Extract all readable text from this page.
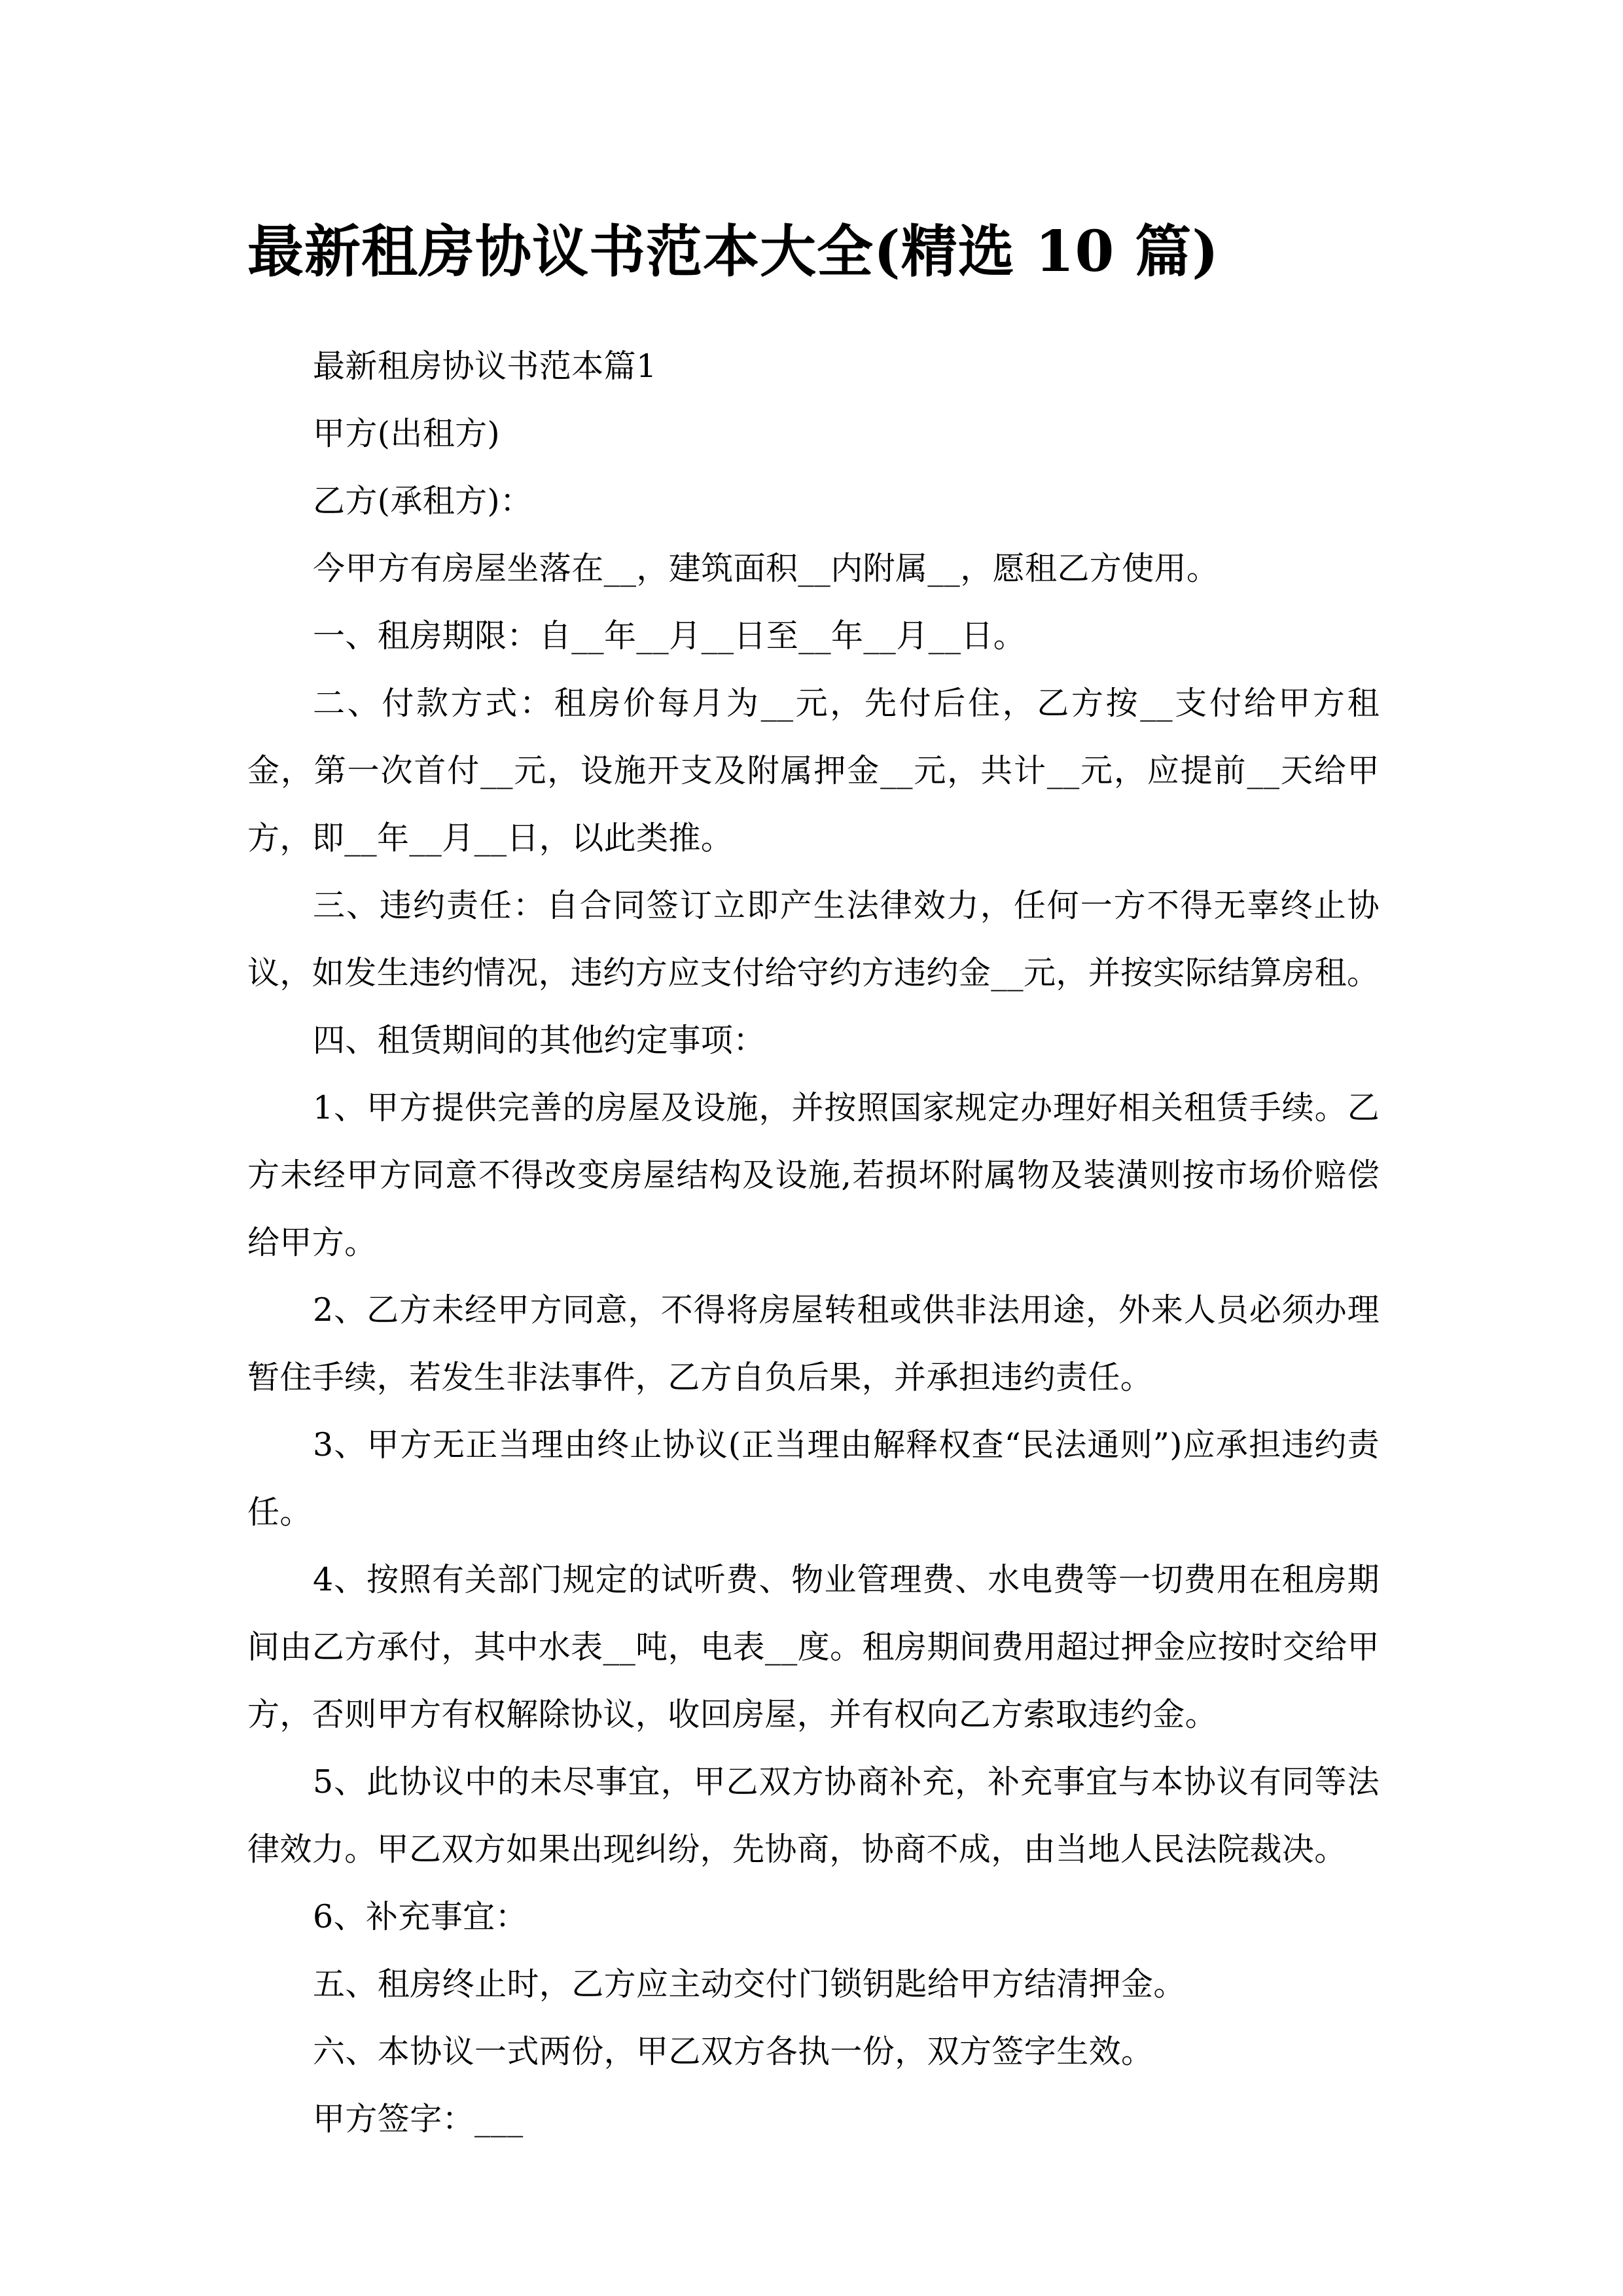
最新租房协议书范本大全(精选 10 篇)

最新租房协议书范本篇1

甲方(出租方)

乙方(承租方)：

今甲方有房屋坐落在__，建筑面积__内附属__，愿租乙方使用。

一、租房期限：自__年__月__日至__年__月__日。

二、付款方式：租房价每月为__元，先付后住，乙方按__支付给甲方租金，第一次首付__元，设施开支及附属押金__元，共计__元，应提前__天给甲方，即__年__月__日，以此类推。

三、违约责任：自合同签订立即产生法律效力，任何一方不得无辜终止协议，如发生违约情况，违约方应支付给守约方违约金__元，并按实际结算房租。

四、租赁期间的其他约定事项：

1、甲方提供完善的房屋及设施，并按照国家规定办理好相关租赁手续。乙方未经甲方同意不得改变房屋结构及设施,若损坏附属物及装潢则按市场价赔偿给甲方。

2、乙方未经甲方同意，不得将房屋转租或供非法用途，外来人员必须办理暂住手续，若发生非法事件，乙方自负后果，并承担违约责任。

3、甲方无正当理由终止协议(正当理由解释权查“民法通则”)应承担违约责任。

4、按照有关部门规定的试听费、物业管理费、水电费等一切费用在租房期间由乙方承付，其中水表__吨，电表__度。租房期间费用超过押金应按时交给甲方，否则甲方有权解除协议，收回房屋，并有权向乙方索取违约金。

5、此协议中的未尽事宜，甲乙双方协商补充，补充事宜与本协议有同等法律效力。甲乙双方如果出现纠纷，先协商，协商不成，由当地人民法院裁决。

6、补充事宜：

五、租房终止时，乙方应主动交付门锁钥匙给甲方结清押金。

六、本协议一式两份，甲乙双方各执一份，双方签字生效。

甲方签字：___
